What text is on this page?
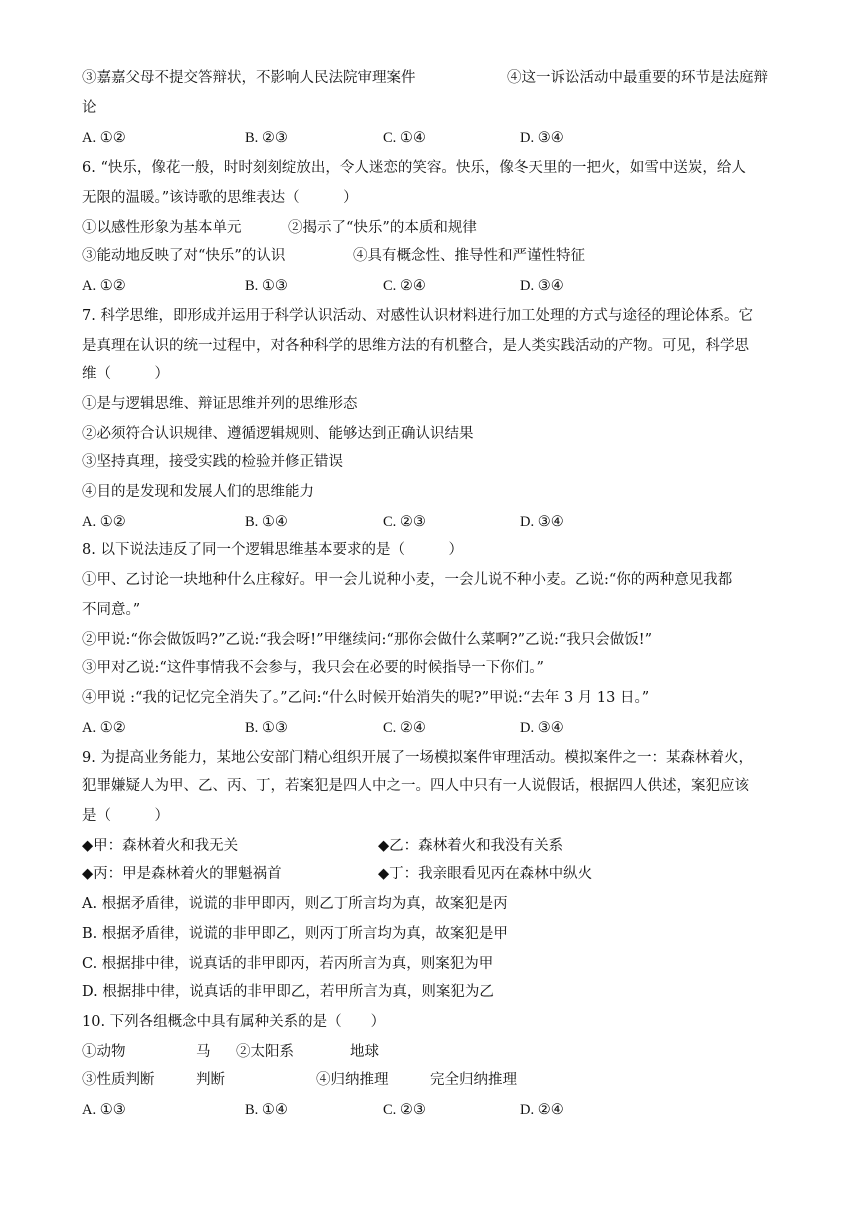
③嘉嘉父母不提交答辩状，不影响人民法院审理案件	④这一诉讼活动中最重要的环节是法庭辩
论
A. ①②	B. ②③	C. ①④	D. ③④
6. “快乐，像花一般，时时刻刻绽放出，令人迷恋的笑容。快乐，像冬天里的一把火，如雪中送炭，给人
无限的温暖。”该诗歌的思维表达（　　　）
①以感性形象为基本单元	②揭示了“快乐”的本质和规律
③能动地反映了对“快乐”的认识	④具有概念性、推导性和严谨性特征
A. ①②	B. ①③	C. ②④	D. ③④
7. 科学思维，即形成并运用于科学认识活动、对感性认识材料进行加工处理的方式与途径的理论体系。它
是真理在认识的统一过程中，对各种科学的思维方法的有机整合，是人类实践活动的产物。可见，科学思
维（　　　）
①是与逻辑思维、辩证思维并列的思维形态
②必须符合认识规律、遵循逻辑规则、能够达到正确认识结果
③坚持真理，接受实践的检验并修正错误
④目的是发现和发展人们的思维能力
A. ①②	B. ①④	C. ②③	D. ③④
8. 以下说法违反了同一个逻辑思维基本要求的是（　　　）
①甲、乙讨论一块地种什么庄稼好。甲一会儿说种小麦，一会儿说不种小麦。乙说:“你的两种意见我都
不同意。”
②甲说:“你会做饭吗?”乙说:“我会呀!”甲继续问:“那你会做什么菜啊?”乙说:“我只会做饭!”
③甲对乙说:“这件事情我不会参与，我只会在必要的时候指导一下你们。”
④甲说 :“我的记忆完全消失了。”乙问:“什么时候开始消失的呢?”甲说:“去年 3 月 13 日。”
A. ①②	B. ①③	C. ②④	D. ③④
9. 为提高业务能力，某地公安部门精心组织开展了一场模拟案件审理活动。模拟案件之一：某森林着火，
犯罪嫌疑人为甲、乙、丙、丁，若案犯是四人中之一。四人中只有一人说假话，根据四人供述，案犯应该
是（　　　）
◆甲：森林着火和我无关	◆乙：森林着火和我没有关系
◆丙：甲是森林着火的罪魁祸首	◆丁：我亲眼看见丙在森林中纵火
A. 根据矛盾律，说谎的非甲即丙，则乙丁所言均为真，故案犯是丙
B. 根据矛盾律，说谎的非甲即乙，则丙丁所言均为真，故案犯是甲
C. 根据排中律，说真话的非甲即丙，若丙所言为真，则案犯为甲
D. 根据排中律，说真话的非甲即乙，若甲所言为真，则案犯为乙
10. 下列各组概念中具有属种关系的是（　　）
①动物	马 ②太阳系	地球
③性质判断	判断	④归纳推理	完全归纳推理
A. ①③	B. ①④	C. ②③	D. ②④
